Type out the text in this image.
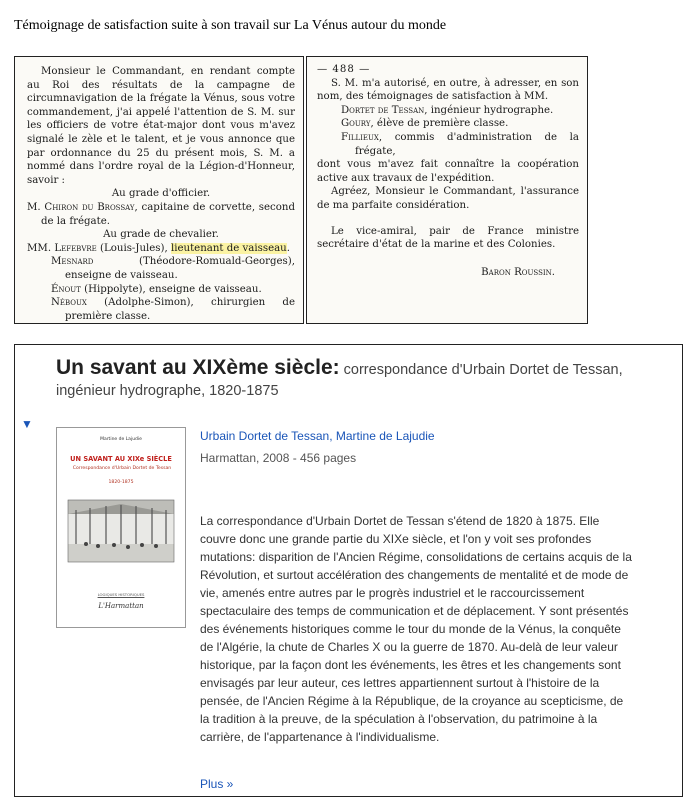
Témoignage de satisfaction suite à son travail sur La Vénus autour du monde

Monsieur le Commandant, en rendant compte au Roi des résultats de la campagne de circumnavigation de la frégate la Vénus, sous votre commandement, j'ai appelé l'attention de S. M. sur les officiers de votre état-major dont vous m'avez signalé le zèle et le talent, et je vous annonce que par ordonnance du 25 du présent mois, S. M. a nommé dans l'ordre royal de la Légion-d'Honneur, savoir :

Au grade d'officier.

M. Chiron du Brossay, capitaine de corvette, second de la frégate.

Au grade de chevalier.

MM. Lefebvre (Louis-Jules), lieutenant de vaisseau.

Mesnard (Théodore-Romuald-Georges), enseigne de vaisseau.

Énout (Hippolyte), enseigne de vaisseau.

Néboux (Adolphe-Simon), chirurgien de première classe.

— 488 —

S. M. m'a autorisé, en outre, à adresser, en son nom, des témoignages de satisfaction à MM.

Dortet de Tessan, ingénieur hydrographe.

Goury, élève de première classe.

Fillieux, commis d'administration de la frégate,

dont vous m'avez fait connaître la coopération active aux travaux de l'expédition.

Agréez, Monsieur le Commandant, l'assurance de ma parfaite considération.

Le vice-amiral, pair de France ministre secrétaire d'état de la marine et des Colonies.

Baron Roussin.

Un savant au XIXème siècle: correspondance d'Urbain Dortet de Tessan, ingénieur hydrographe, 1820-1875
▼
Martine de Lajudie
UN SAVANT AU XIXe SIÈCLE
Correspondance d'Urbain Dortet de Tessan
1820-1875
LOGIQUES HISTORIQUES
L'Harmattan
Urbain Dortet de Tessan, Martine de Lajudie
Harmattan, 2008 - 456 pages

La correspondance d'Urbain Dortet de Tessan s'étend de 1820 à 1875. Elle couvre donc une grande partie du XIXe siècle, et l'on y voit ses profondes mutations: disparition de l'Ancien Régime, consolidations de certains acquis de la Révolution, et surtout accélération des changements de mentalité et de mode de vie, amenés entre autres par le progrès industriel et le raccourcissement spectaculaire des temps de communication et de déplacement. Y sont présentés des événements historiques comme le tour du monde de la Vénus, la conquête de l'Algérie, la chute de Charles X ou la guerre de 1870. Au-delà de leur valeur historique, par la façon dont les événements, les êtres et les changements sont envisagés par leur auteur, ces lettres appartiennent surtout à l'histoire de la pensée, de l'Ancien Régime à la République, de la croyance au scepticisme, de la tradition à la preuve, de la spéculation à l'observation, du patrimoine à la carrière, de l'appartenance à l'individualisme.

Plus »
